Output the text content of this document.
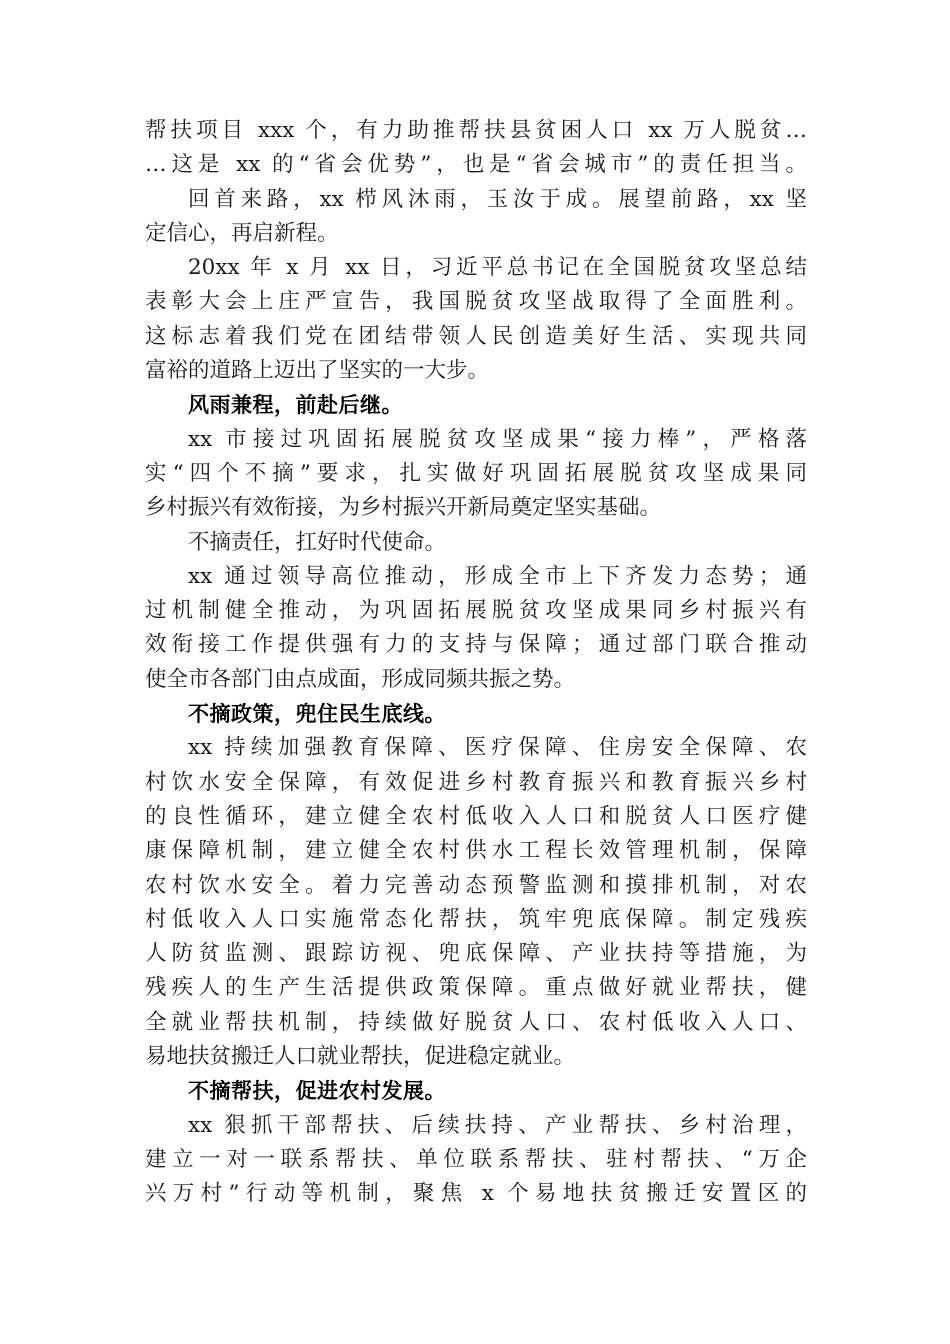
帮扶项目 xxx 个，有力助推帮扶县贫困人口 xx 万人脱贫…
…这是 xx 的“省会优势”，也是“省会城市”的责任担当。
回首来路，xx 栉风沐雨，玉汝于成。展望前路，xx 坚
定信心，再启新程。
20xx 年 x 月 xx 日，习近平总书记在全国脱贫攻坚总结
表彰大会上庄严宣告，我国脱贫攻坚战取得了全面胜利。
这标志着我们党在团结带领人民创造美好生活、实现共同
富裕的道路上迈出了坚实的一大步。
风雨兼程，前赴后继。
xx 市接过巩固拓展脱贫攻坚成果“接力棒”，严格落
实“四个不摘”要求，扎实做好巩固拓展脱贫攻坚成果同
乡村振兴有效衔接，为乡村振兴开新局奠定坚实基础。
不摘责任，扛好时代使命。
xx 通过领导高位推动，形成全市上下齐发力态势；通
过机制健全推动，为巩固拓展脱贫攻坚成果同乡村振兴有
效衔接工作提供强有力的支持与保障；通过部门联合推动
使全市各部门由点成面，形成同频共振之势。
不摘政策，兜住民生底线。
xx 持续加强教育保障、医疗保障、住房安全保障、农
村饮水安全保障，有效促进乡村教育振兴和教育振兴乡村
的良性循环，建立健全农村低收入人口和脱贫人口医疗健
康保障机制，建立健全农村供水工程长效管理机制，保障
农村饮水安全。着力完善动态预警监测和摸排机制，对农
村低收入人口实施常态化帮扶，筑牢兜底保障。制定残疾
人防贫监测、跟踪访视、兜底保障、产业扶持等措施，为
残疾人的生产生活提供政策保障。重点做好就业帮扶，健
全就业帮扶机制，持续做好脱贫人口、农村低收入人口、
易地扶贫搬迁人口就业帮扶，促进稳定就业。
不摘帮扶，促进农村发展。
xx 狠抓干部帮扶、后续扶持、产业帮扶、乡村治理，
建立一对一联系帮扶、单位联系帮扶、驻村帮扶、“万企
兴万村”行动等机制，聚焦 x 个易地扶贫搬迁安置区的
